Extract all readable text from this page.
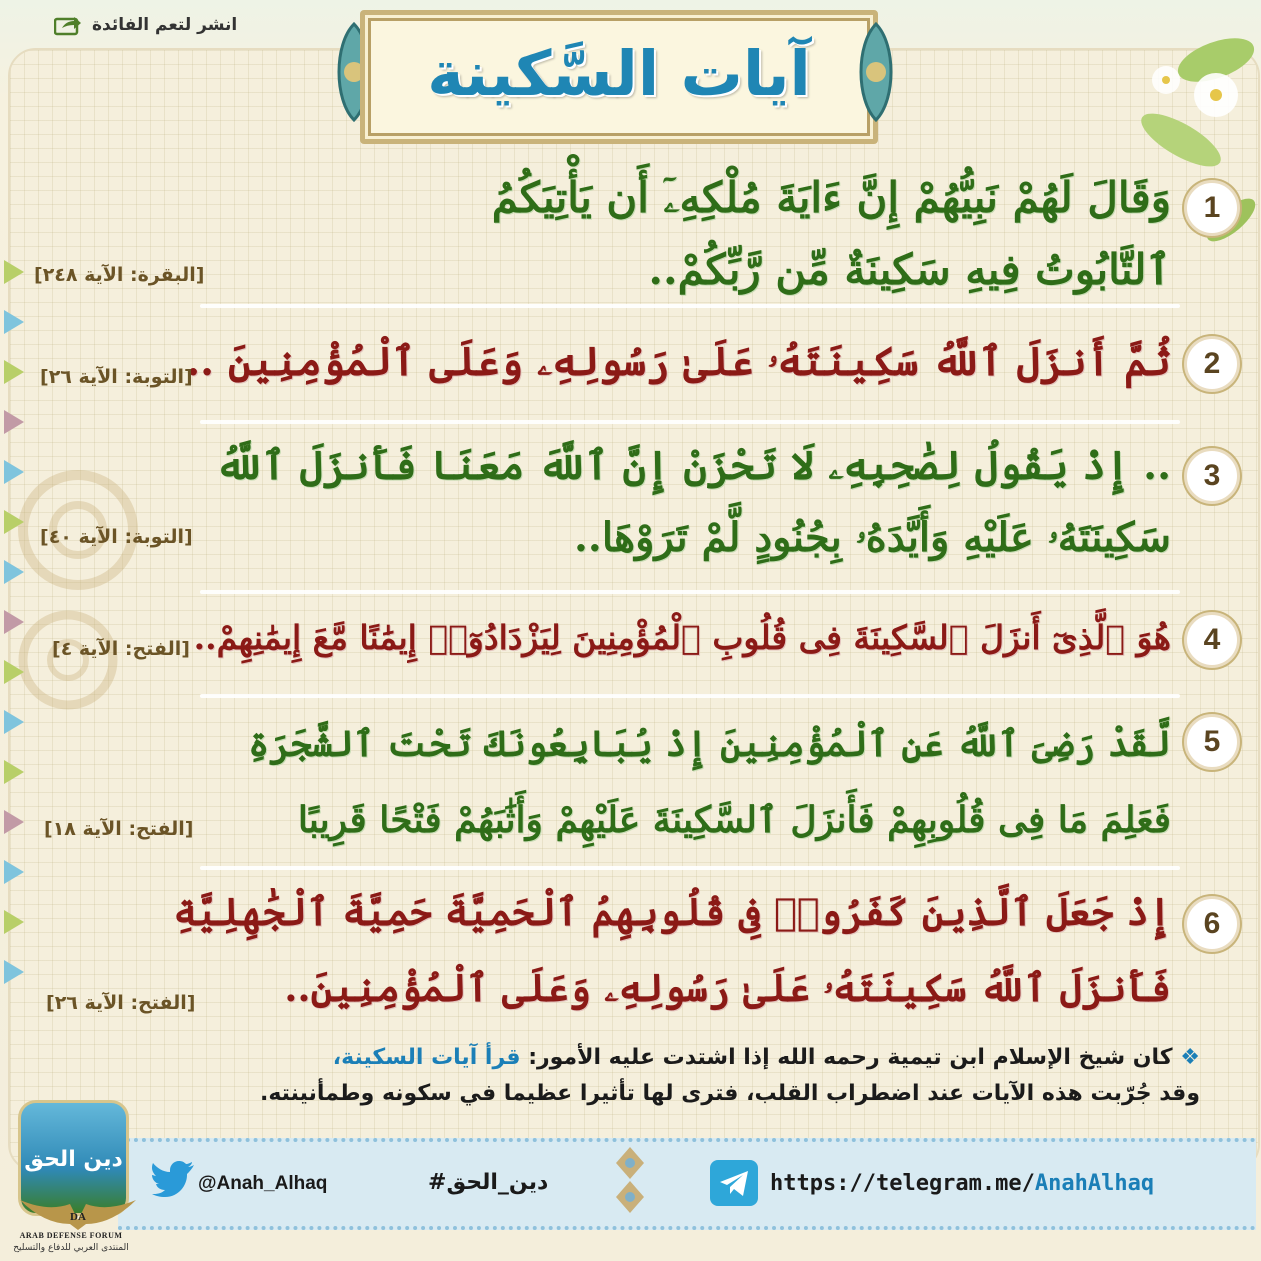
انشر لتعم الفائدة
آيات السَّكينة
1
وَقَالَ لَهُمْ نَبِيُّهُمْ إِنَّ ءَايَةَ مُلْكِهِۦٓ أَن يَأْتِيَكُمُ
ٱلتَّابُوتُ فِيهِ سَكِينَةٌ مِّن رَّبِّكُمْ..
[البقرة: الآية ٢٤٨]
2
ثُمَّ أَنزَلَ ٱللَّهُ سَكِينَتَهُۥ عَلَىٰ رَسُولِهِۦ وَعَلَى ٱلْمُؤْمِنِينَ ..
[التوبة: الآية ٢٦]
3
.. إِذْ يَقُولُ لِصَٰحِبِهِۦ لَا تَحْزَنْ إِنَّ ٱللَّهَ مَعَنَا فَأَنزَلَ ٱللَّهُ
سَكِينَتَهُۥ عَلَيْهِ وَأَيَّدَهُۥ بِجُنُودٍ لَّمْ تَرَوْهَا..
[التوبة: الآية ٤٠]
4
هُوَ ٱلَّذِىٓ أَنزَلَ ٱلسَّكِينَةَ فِى قُلُوبِ ٱلْمُؤْمِنِينَ لِيَزْدَادُوٓا۟ إِيمَٰنًا مَّعَ إِيمَٰنِهِمْ..
[الفتح: الآية ٤]
5
لَّقَدْ رَضِىَ ٱللَّهُ عَنِ ٱلْمُؤْمِنِينَ إِذْ يُبَايِعُونَكَ تَحْتَ ٱلشَّجَرَةِ
فَعَلِمَ مَا فِى قُلُوبِهِمْ فَأَنزَلَ ٱلسَّكِينَةَ عَلَيْهِمْ وَأَثَٰبَهُمْ فَتْحًا قَرِيبًا
[الفتح: الآية ١٨]
6
إِذْ جَعَلَ ٱلَّذِينَ كَفَرُوا۟ فِى قُلُوبِهِمُ ٱلْحَمِيَّةَ حَمِيَّةَ ٱلْجَٰهِلِيَّةِ
فَأَنزَلَ ٱللَّهُ سَكِينَتَهُۥ عَلَىٰ رَسُولِهِۦ وَعَلَى ٱلْمُؤْمِنِينَ..
[الفتح: الآية ٢٦]
❖ كان شيخ الإسلام ابن تيمية رحمه الله إذا اشتدت عليه الأمور: قرأ آيات السكينة،
وقد جُرّبت هذه الآيات عند اضطراب القلب، فترى لها تأثيرا عظيما في سكونه وطمأنينته.
@Anah_Alhaq	#دين_الحق	https://telegram.me/AnahAlhaq
دين الحق
DA
ARAB DEFENSE FORUM
المنتدى العربي للدفاع والتسليح
